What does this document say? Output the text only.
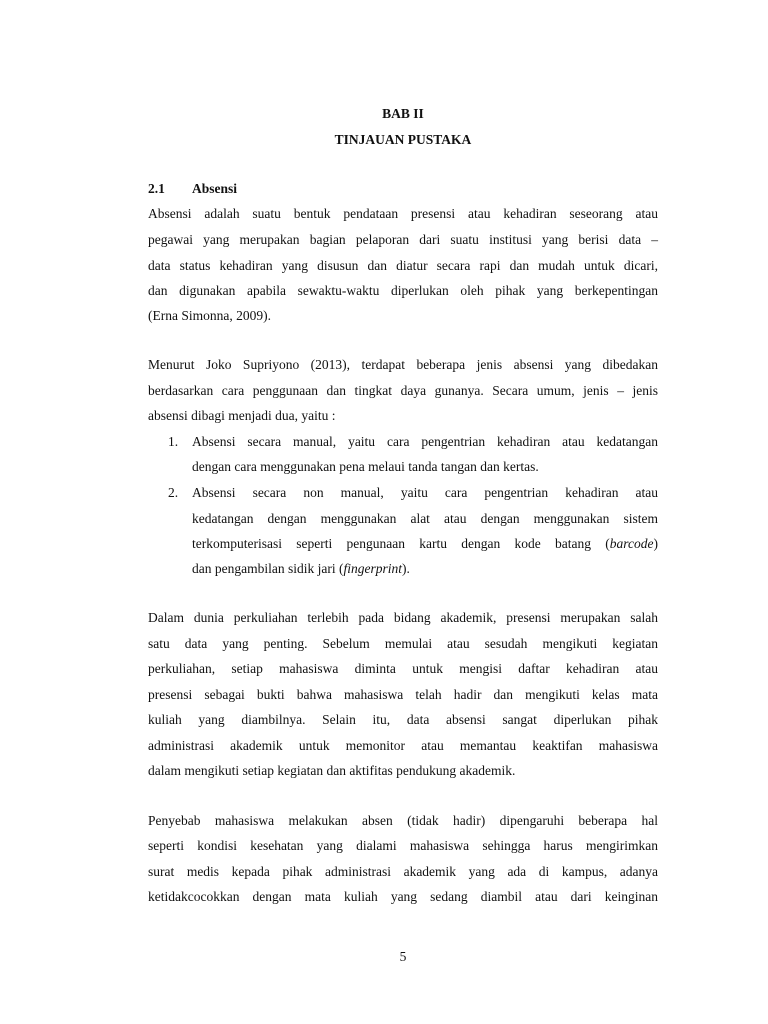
BAB II
TINJAUAN PUSTAKA
2.1 Absensi
Absensi adalah suatu bentuk pendataan presensi atau kehadiran seseorang atau
pegawai yang merupakan bagian pelaporan dari suatu institusi yang berisi data –
data status kehadiran yang disusun dan diatur secara rapi dan mudah untuk dicari,
dan digunakan apabila sewaktu-waktu diperlukan oleh pihak yang berkepentingan
(Erna Simonna, 2009).
Menurut Joko Supriyono (2013), terdapat beberapa jenis absensi yang dibedakan
berdasarkan cara penggunaan dan tingkat daya gunanya. Secara umum, jenis – jenis
absensi dibagi menjadi dua, yaitu :
1. Absensi secara manual, yaitu cara pengentrian kehadiran atau kedatangan
dengan cara menggunakan pena melaui tanda tangan dan kertas.
2. Absensi secara non manual, yaitu cara pengentrian kehadiran atau
kedatangan dengan menggunakan alat atau dengan menggunakan sistem
terkomputerisasi seperti pengunaan kartu dengan kode batang (barcode)
dan pengambilan sidik jari (fingerprint).
Dalam dunia perkuliahan terlebih pada bidang akademik, presensi merupakan salah
satu data yang penting. Sebelum memulai atau sesudah mengikuti kegiatan
perkuliahan, setiap mahasiswa diminta untuk mengisi daftar kehadiran atau
presensi sebagai bukti bahwa mahasiswa telah hadir dan mengikuti kelas mata
kuliah yang diambilnya. Selain itu, data absensi sangat diperlukan pihak
administrasi akademik untuk memonitor atau memantau keaktifan mahasiswa
dalam mengikuti setiap kegiatan dan aktifitas pendukung akademik.
Penyebab mahasiswa melakukan absen (tidak hadir) dipengaruhi beberapa hal
seperti kondisi kesehatan yang dialami mahasiswa sehingga harus mengirimkan
surat medis kepada pihak administrasi akademik yang ada di kampus, adanya
ketidakcocokkan dengan mata kuliah yang sedang diambil atau dari keinginan
5
